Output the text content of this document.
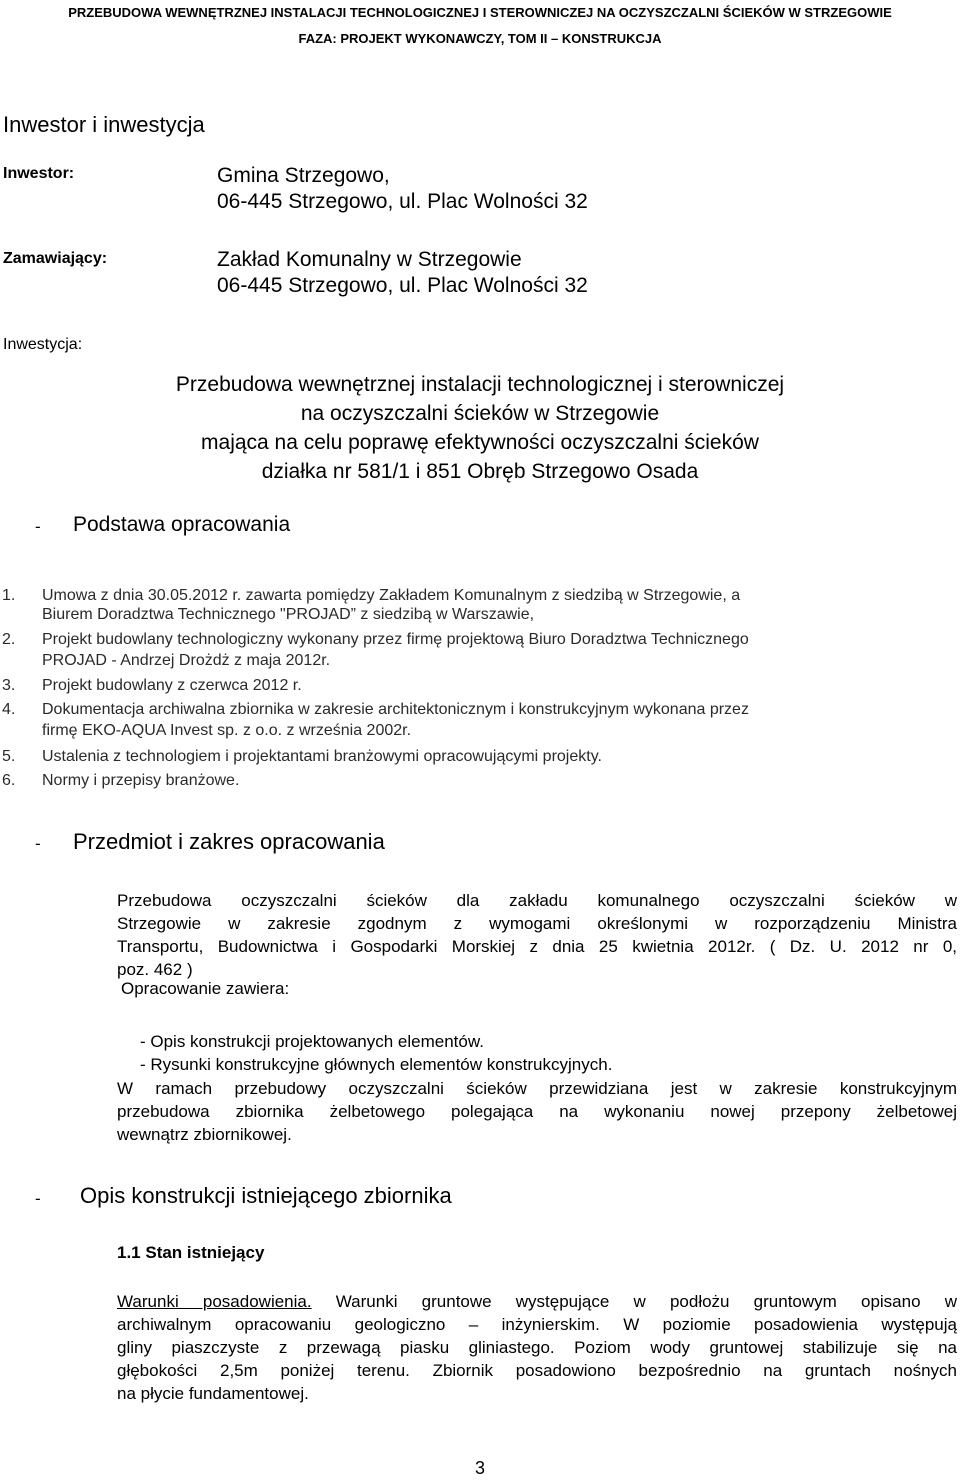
PRZEBUDOWA WEWNĘTRZNEJ INSTALACJI TECHNOLOGICZNEJ I STEROWNICZEJ NA OCZYSZCZALNI ŚCIEKÓW W STRZEGOWIE
FAZA: PROJEKT WYKONAWCZY, TOM II – KONSTRUKCJA
Inwestor i inwestycja
Inwestor:	Gmina Strzegowo,
06-445 Strzegowo, ul. Plac Wolności 32
Zamawiający:	Zakład Komunalny w Strzegowie
06-445 Strzegowo, ul. Plac Wolności 32
Inwestycja:
Przebudowa wewnętrznej instalacji technologicznej i sterowniczej
na oczyszczalni ścieków w Strzegowie
mająca na celu poprawę efektywności oczyszczalni ścieków
działka nr 581/1 i 851 Obręb Strzegowo Osada
- Podstawa opracowania
1. Umowa z dnia 30.05.2012 r. zawarta pomiędzy Zakładem Komunalnym z siedzibą w Strzegowie, a
Biurem Doradztwa Technicznego "PROJAD” z siedzibą w Warszawie,
2. Projekt budowlany technologiczny wykonany przez firmę projektową Biuro Doradztwa Technicznego
PROJAD - Andrzej Drożdż z maja 2012r.
3. Projekt budowlany z czerwca 2012 r.
4. Dokumentacja archiwalna zbiornika w zakresie architektonicznym i konstrukcyjnym wykonana przez
firmę EKO-AQUA Invest sp. z o.o. z września 2002r.
5. Ustalenia z technologiem i projektantami branżowymi opracowującymi projekty.
6. Normy i przepisy branżowe.
- Przedmiot i zakres opracowania
Przebudowa oczyszczalni ścieków dla zakładu komunalnego oczyszczalni ścieków w
Strzegowie w zakresie zgodnym z wymogami określonymi w rozporządzeniu Ministra
Transportu, Budownictwa i Gospodarki Morskiej z dnia 25 kwietnia 2012r. ( Dz. U. 2012 nr 0,
poz. 462 )
Opracowanie zawiera:
- Opis konstrukcji projektowanych elementów.
- Rysunki konstrukcyjne głównych elementów konstrukcyjnych.
W ramach przebudowy oczyszczalni ścieków przewidziana jest w zakresie konstrukcyjnym
przebudowa zbiornika żelbetowego polegająca na wykonaniu nowej przepony żelbetowej
wewnątrz zbiornikowej.
- Opis konstrukcji istniejącego zbiornika
1.1 Stan istniejący
Warunki posadowienia. Warunki gruntowe występujące w podłożu gruntowym opisano w
archiwalnym opracowaniu geologiczno – inżynierskim. W poziomie posadowienia występują
gliny piaszczyste z przewagą piasku gliniastego. Poziom wody gruntowej stabilizuje się na
głębokości 2,5m poniżej terenu. Zbiornik posadowiono bezpośrednio na gruntach nośnych
na płycie fundamentowej.
3
